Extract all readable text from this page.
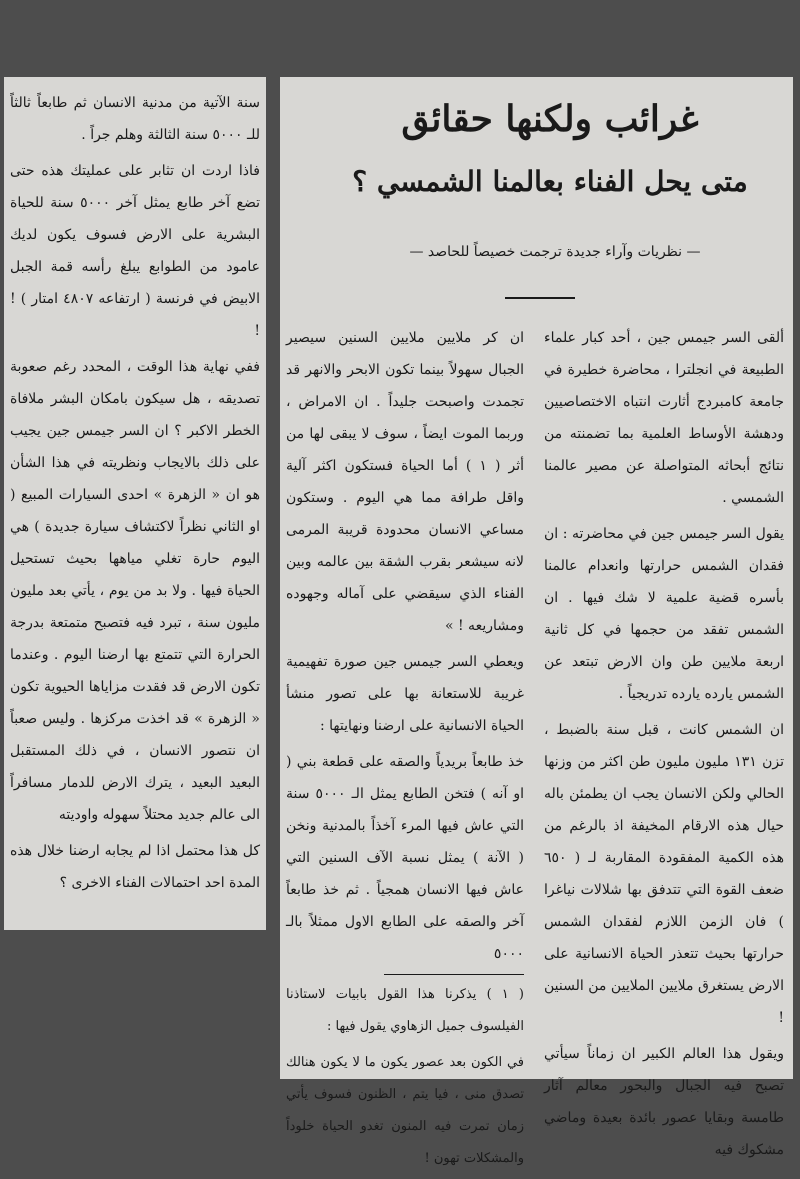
سنة الآتية من مدنية الانسان ثم طابعاً ثالثاً للـ ٥٠٠٠ سنة الثالثة وهلم جراً .

فاذا اردت ان تثابر على عمليتك هذه حتى تضع آخر طابع يمثل آخر ٥٠٠٠ سنة للحياة البشرية على الارض فسوف يكون لديك عامود من الطوابع يبلغ رأسه قمة الجبل الابيض في فرنسة ( ارتفاعه ٤٨٠٧ امتار ) ! !

ففي نهاية هذا الوقت ، المحدد رغم صعوبة تصديقه ، هل سيكون بامكان البشر ملافاة الخطر الاكبر ؟ ان السر جيمس جين يجيب على ذلك بالايجاب ونظريته في هذا الشأن هو ان « الزهرة » احدى السيارات المبيع ( او الثاني نظراً لاكتشاف سيارة جديدة ) هي اليوم حارة تغلي مياهها بحيث تستحيل الحياة فيها . ولا بد من يوم ، يأتي بعد مليون مليون سنة ، تبرد فيه فتصبح متمتعة بدرجة الحرارة التي تتمتع بها ارضنا اليوم . وعندما تكون الارض قد فقدت مزاياها الحيوية تكون « الزهرة » قد اخذت مركزها . وليس صعباً ان نتصور الانسان ، في ذلك المستقبل البعيد البعيد ، يترك الارض للدمار مسافراً الى عالم جديد محتلاً سهوله واوديته

كل هذا محتمل اذا لم يجابه ارضنا خلال هذه المدة احد احتمالات الفناء الاخرى ؟

غرائب ولكنها حقائق
متى يحل الفناء بعالمنا الشمسي ؟
— نظريات وآراء جديدة ترجمت خصيصاً للحاصد —

ألقى السر جيمس جين ، أحد كبار علماء الطبيعة في انجلترا ، محاضرة خطيرة في جامعة كامبردج أثارت انتباه الاختصاصيين ودهشة الأوساط العلمية بما تضمنته من نتائج أبحاثه المتواصلة عن مصير عالمنا الشمسي .

يقول السر جيمس جين في محاضرته : ان فقدان الشمس حرارتها وانعدام عالمنا بأسره قضية علمية لا شك فيها . ان الشمس تفقد من حجمها في كل ثانية اربعة ملايين طن وان الارض تبتعد عن الشمس يارده يارده تدريجياً .

ان الشمس كانت ، قبل سنة بالضبط ، تزن ١٣١ مليون مليون طن اكثر من وزنها الحالي ولكن الانسان يجب ان يطمئن باله حيال هذه الارقام المخيفة اذ بالرغم من هذه الكمية المفقودة المقاربة لـ ( ٦٥٠ ضعف القوة التي تتدفق بها شلالات نياغرا ) فان الزمن اللازم لفقدان الشمس حرارتها بحيث تتعذر الحياة الانسانية على الارض يستغرق ملايين الملايين من السنين !

ويقول هذا العالم الكبير ان زماناً سيأتي تصبح فيه الجبال والبحور معالم آثار طامسة وبقايا عصور بائدة بعيدة وماضي مشكوك فيه

ان كر ملايين ملايين السنين سيصير الجبال سهولاً بينما تكون الابحر والانهر قد تجمدت واصبحت جليداً . ان الامراض ، وربما الموت ايضاً ، سوف لا يبقى لها من أثر ( ١ ) أما الحياة فستكون اكثر آلية واقل طرافة مما هي اليوم . وستكون مساعي الانسان محدودة قريبة المرمى لانه سيشعر بقرب الشقة بين عالمه وبين الفناء الذي سيقضي على آماله وجهوده ومشاريعه ! »

ويعطي السر جيمس جين صورة تفهيمية غريبة للاستعانة بها على تصور منشأ الحياة الانسانية على ارضنا ونهايتها :

خذ طابعاً بريدياً والصقه على قطعة بني ( او آنه ) فتخن الطابع يمثل الـ ٥٠٠٠ سنة التي عاش فيها المرء آخذاً بالمدنية ونخن ( الآنة ) يمثل نسبة الآف السنين التي عاش فيها الانسان همجياً . ثم خذ طابعاً آخر والصقه على الطابع الاول ممثلاً بالـ ٥٠٠٠

( ١ ) يذكرنا هذا القول بابيات لاستاذنا الفيلسوف جميل الزهاوي يقول فيها :

في الكون بعد عصور يكون ما لا يكون هنالك تصدق منى ، فيا يتم ، الظنون فسوف يأتي زمان تمرت فيه المنون تغدو الحياة خلوداً والمشكلات تهون !
